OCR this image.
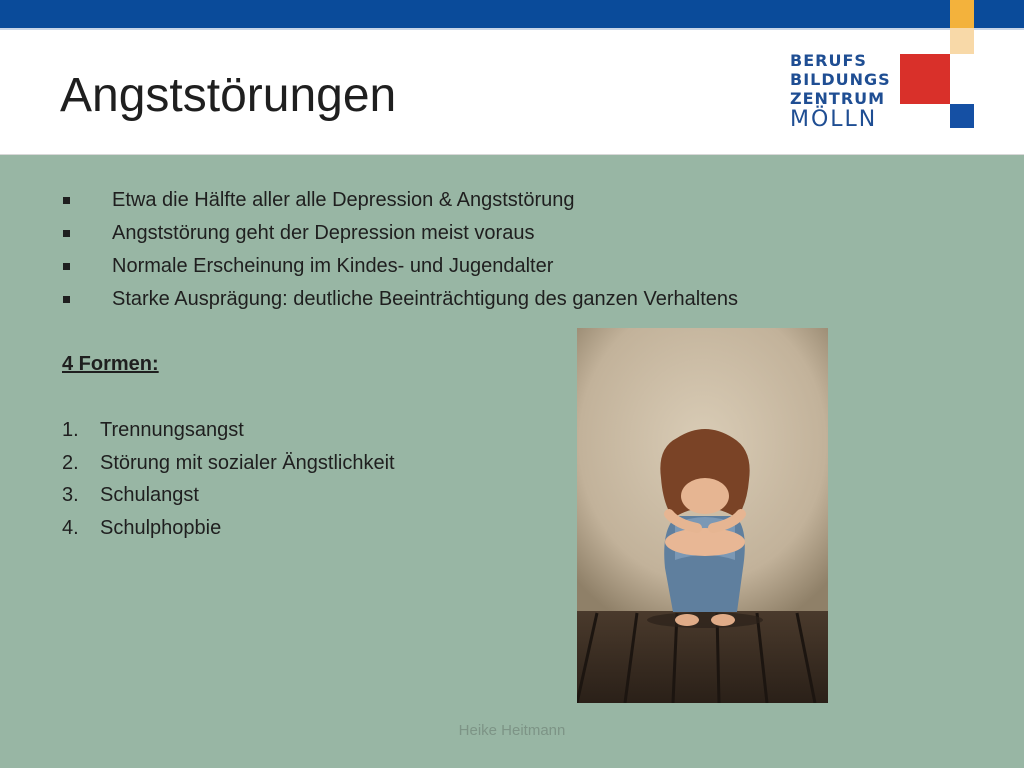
Angststörungen
BERUFS
BILDUNGS
ZENTRUM
MÖLLN
Etwa die Hälfte aller alle Depression & Angststörung
Angststörung geht der Depression meist voraus
Normale Erscheinung im Kindes- und Jugendalter
Starke Ausprägung: deutliche Beeinträchtigung des ganzen Verhaltens
4 Formen:
1. Trennungsangst
2. Störung mit sozialer Ängstlichkeit
3. Schulangst
4. Schulphopbie
Heike Heitmann
